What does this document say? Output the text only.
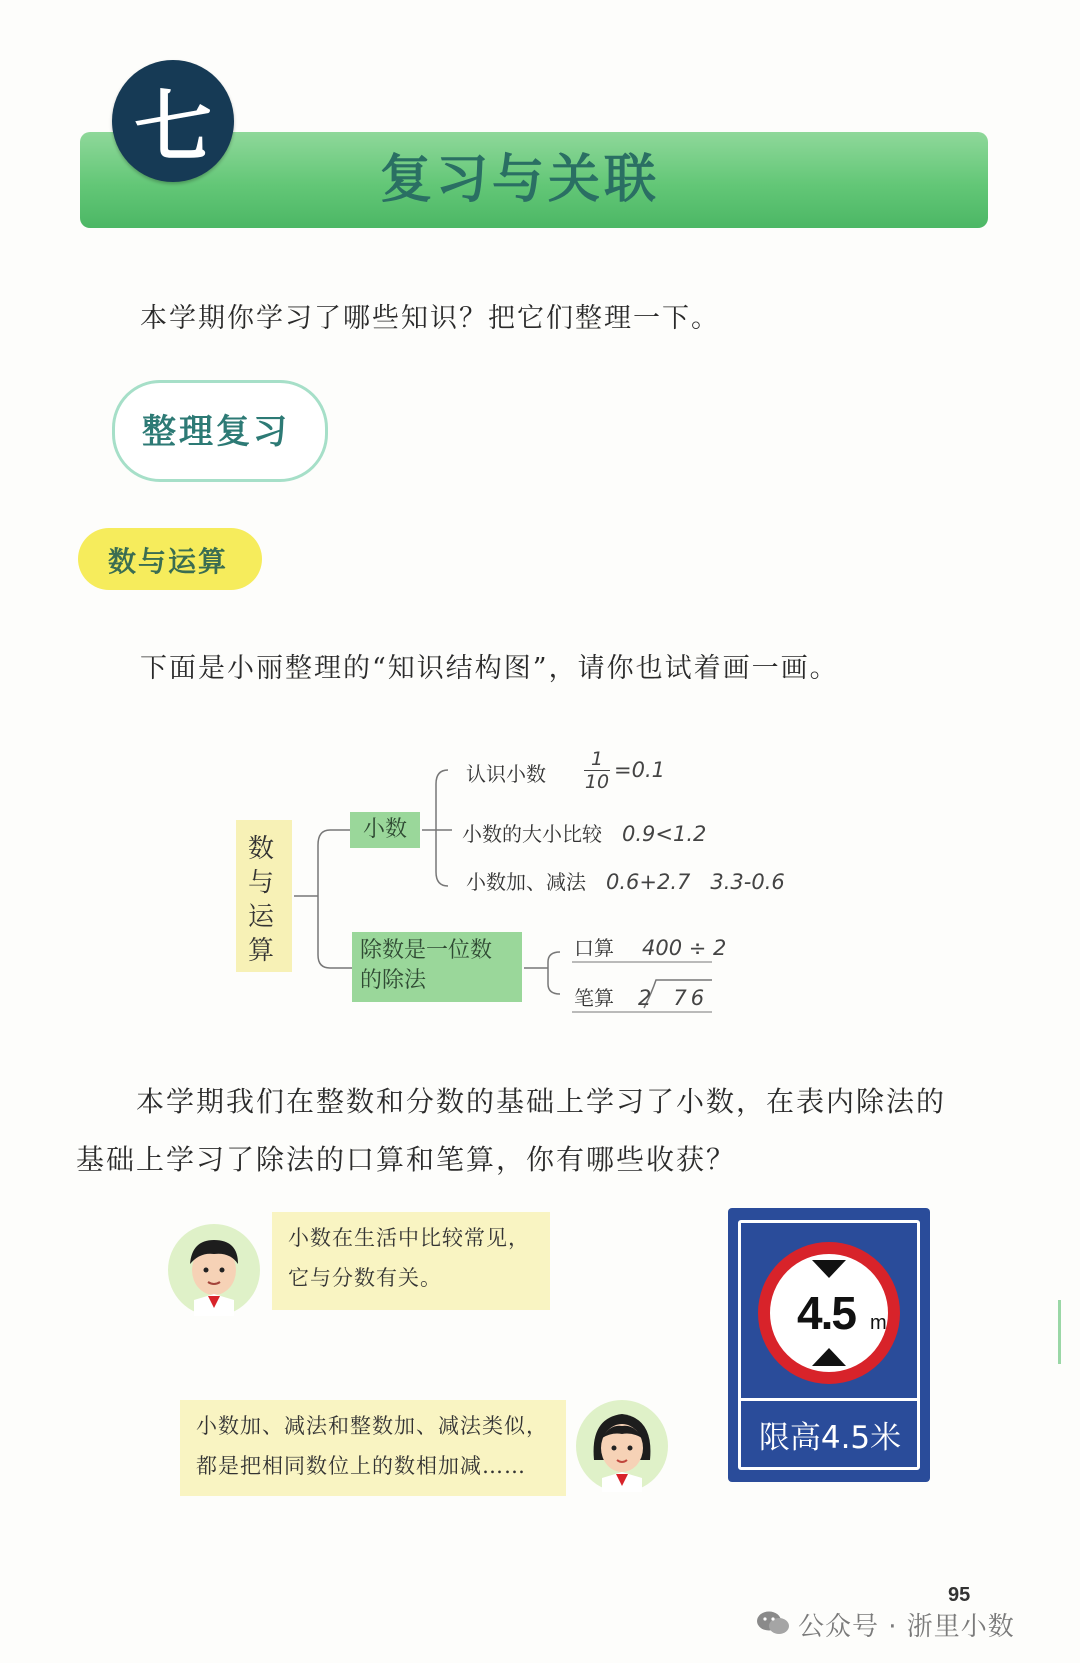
七
复习与关联
本学期你学习了哪些知识？把它们整理一下。
整理复习
数与运算
下面是小丽整理的“知识结构图”，请你也试着画一画。
数
与
运
算
小数
认识小数 $\frac{1}{10} =0.1$
小数的大小比较 0.9<1.2
小数加、减法 0.6+2.7 3.3-0.6
除数是一位数
的除法
口算 400 ÷ 2
笔算 2 76
本学期我们在整数和分数的基础上学习了小数，在表内除法的
基础上学习了除法的口算和笔算，你有哪些收获？
小数在生活中比较常见，
它与分数有关。
小数加、减法和整数加、减法类似，
都是把相同数位上的数相加减……
4.5 m
限高4.5米
95
公众号 · 浙里小数
